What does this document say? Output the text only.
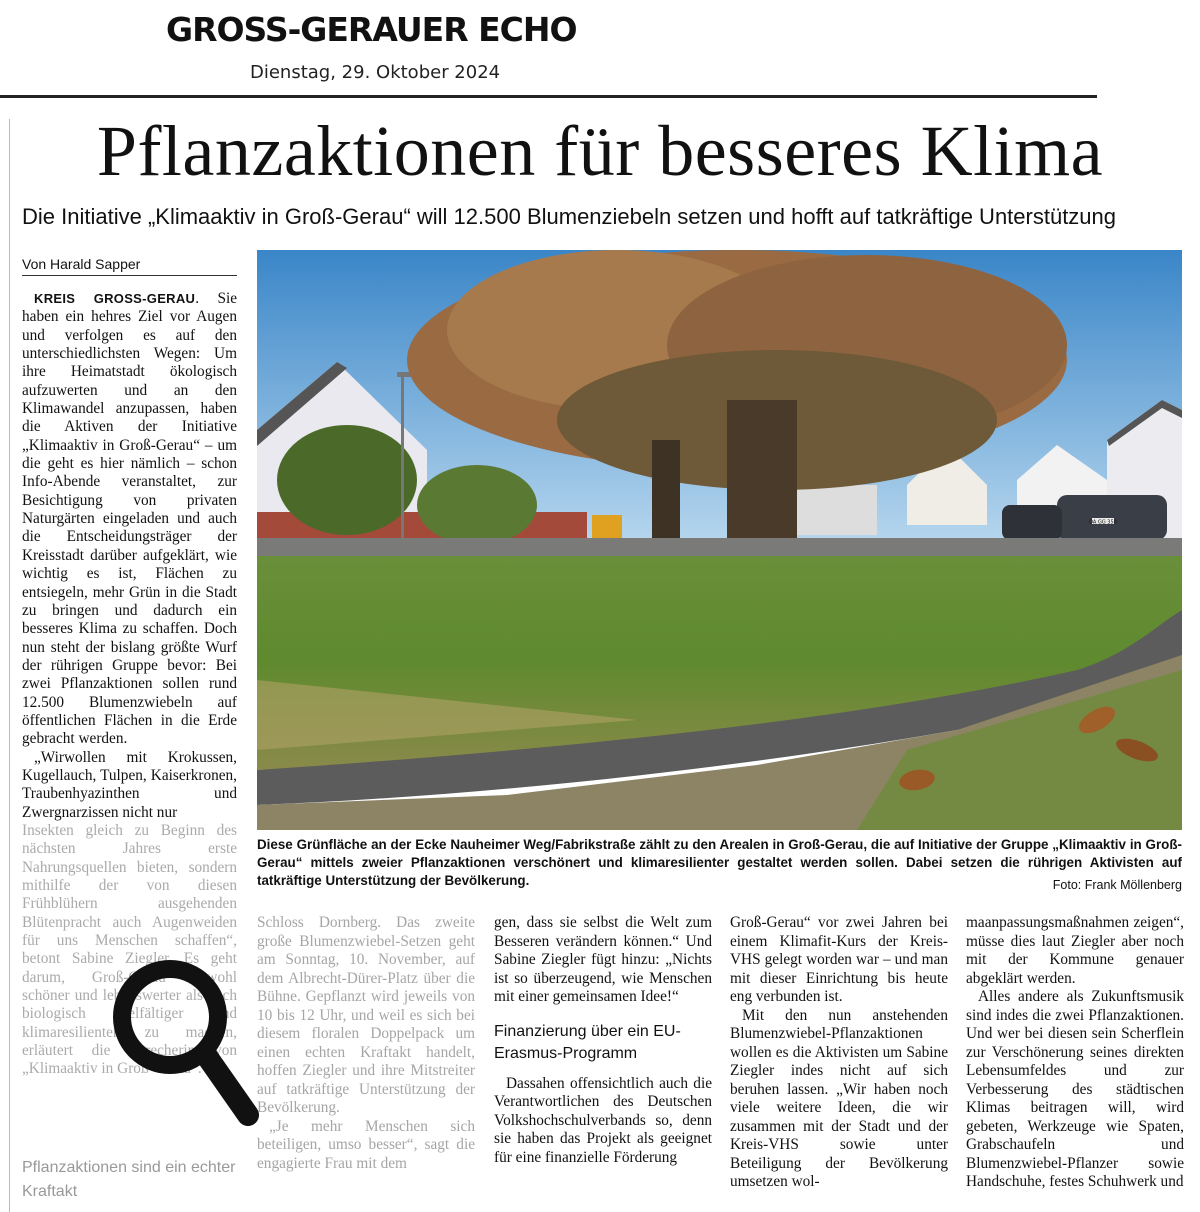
GROSS-GERAUER ECHO
Dienstag, 29. Oktober 2024
Pflanzaktionen für besseres Klima
Die Initiative „Klimaaktiv in Groß-Gerau“ will 12.500 Blumenziebeln setzen und hofft auf tatkräftige Unterstützung
Von Harald Sapper

KREIS GROSS-GERAU. Sie haben ein hehres Ziel vor Augen und verfolgen es auf den unterschiedlichsten Wegen: Um ihre Heimatstadt ökologisch aufzuwerten und an den Klimawandel anzupassen, haben die Aktiven der Initiative „Klimaaktiv in Groß-Gerau“ – um die geht es hier nämlich – schon Info-Abende veranstaltet, zur Besichtigung von privaten Naturgärten eingeladen und auch die Entscheidungsträger der Kreisstadt darüber aufgeklärt, wie wichtig es ist, Flächen zu entsiegeln, mehr Grün in die Stadt zu bringen und dadurch ein besseres Klima zu schaffen. Doch nun steht der bislang größte Wurf der rührigen Gruppe bevor: Bei zwei Pflanzaktionen sollen rund 12.500 Blumenzwiebeln auf öffentlichen Flächen in die Erde gebracht werden.

„Wirwollen mit Krokussen, Kugellauch, Tulpen, Kaiserkronen, Traubenhyazinthen und Zwergnarzissen nicht nur

Insekten gleich zu Beginn des nächsten Jahres erste Nahrungsquellen bieten, sondern mithilfe der von diesen Frühblühern ausgehenden Blütenpracht auch Augenweiden für uns Menschen schaffen“, betont Sabine Ziegler. Es geht darum, Groß-Gerau sowohl schöner und lebenswerter als auch biologisch vielfältiger und klimaresilienter zu machen, erläutert die Sprecherin von „Klimaaktiv in Groß-Gerau“.

Pflanzaktionen sind ein echter Kraftakt
DA GG 350
Diese Grünfläche an der Ecke Nauheimer Weg/Fabrikstraße zählt zu den Arealen in Groß-Gerau, die auf Initiative der Gruppe „Klimaaktiv in Groß-Gerau“ mittels zweier Pflanzaktionen verschönert und klimaresilienter gestaltet werden sollen. Dabei setzen die rührigen Aktivisten auf tatkräftige Unterstützung der Bevölkerung.	Foto: Frank Möllenberg

Schloss Dornberg. Das zweite große Blumenzwiebel-Setzen geht am Sonntag, 10. November, auf dem Albrecht-Dürer-Platz über die Bühne. Gepflanzt wird jeweils von 10 bis 12 Uhr, und weil es sich bei diesem floralen Doppelpack um einen echten Kraftakt handelt, hoffen Ziegler und ihre Mitstreiter auf tatkräftige Unterstützung der Bevölkerung.

„Je mehr Menschen sich beteiligen, umso besser“, sagt die engagierte Frau mit dem

gen, dass sie selbst die Welt zum Besseren verändern können.“ Und Sabine Ziegler fügt hinzu: „Nichts ist so überzeugend, wie Menschen mit einer gemeinsamen Idee!“

Finanzierung über ein EU-Erasmus-Programm

Dassahen offensichtlich auch die Verantwortlichen des Deutschen Volkshochschulverbands so, denn sie haben das Projekt als geeignet für eine finanzielle Förderung

Groß-Gerau“ vor zwei Jahren bei einem Klimafit-Kurs der Kreis-VHS gelegt worden war – und man mit dieser Einrichtung bis heute eng verbunden ist.

Mit den nun anstehenden Blumenzwiebel-Pflanzaktionen wollen es die Aktivisten um Sabine Ziegler indes nicht auf sich beruhen lassen. „Wir haben noch viele weitere Ideen, die wir zusammen mit der Stadt und der Kreis-VHS sowie unter Beteiligung der Bevölkerung umsetzen wol-

maanpassungsmaßnahmen zeigen“, müsse dies laut Ziegler aber noch mit der Kommune genauer abgeklärt werden.

Alles andere als Zukunftsmusik sind indes die zwei Pflanzaktionen. Und wer bei diesen sein Scherflein zur Verschönerung seines direkten Lebensumfeldes und zur Verbesserung des städtischen Klimas beitragen will, wird gebeten, Werkzeuge wie Spaten, Grabschaufeln und Blumenzwiebel-Pflanzer sowie Handschuhe, festes Schuhwerk und
